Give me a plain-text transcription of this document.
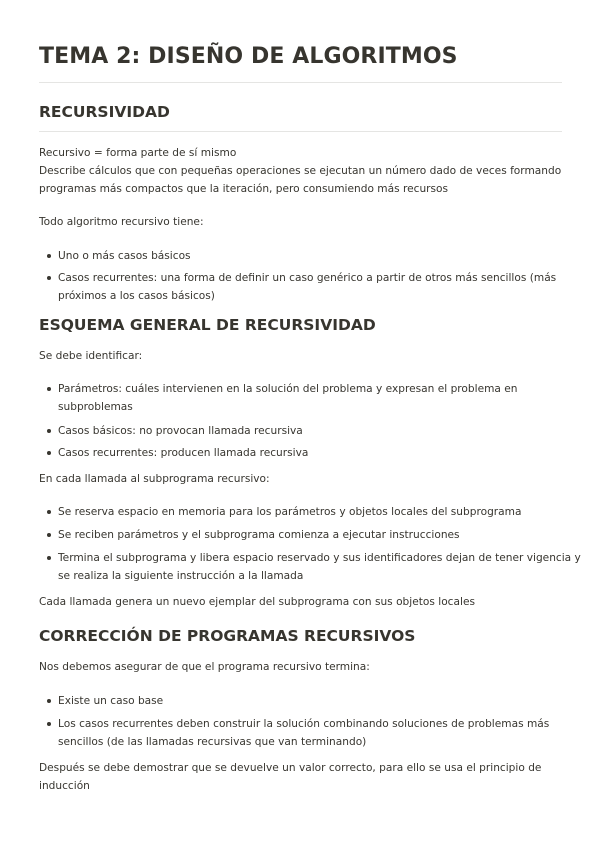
TEMA 2: DISEÑO DE ALGORITMOS
RECURSIVIDAD
Recursivo = forma parte de sí mismo
Describe cálculos que con pequeñas operaciones se ejecutan un número dado de veces formando
programas más compactos que la iteración, pero consumiendo más recursos
Todo algoritmo recursivo tiene:
Uno o más casos básicos
Casos recurrentes: una forma de definir un caso genérico a partir de otros más sencillos (más
próximos a los casos básicos)
ESQUEMA GENERAL DE RECURSIVIDAD
Se debe identificar:
Parámetros: cuáles intervienen en la solución del problema y expresan el problema en
subproblemas
Casos básicos: no provocan llamada recursiva
Casos recurrentes: producen llamada recursiva
En cada llamada al subprograma recursivo:
Se reserva espacio en memoria para los parámetros y objetos locales del subprograma
Se reciben parámetros y el subprograma comienza a ejecutar instrucciones
Termina el subprograma y libera espacio reservado y sus identificadores dejan de tener vigencia y
se realiza la siguiente instrucción a la llamada
Cada llamada genera un nuevo ejemplar del subprograma con sus objetos locales
CORRECCIÓN DE PROGRAMAS RECURSIVOS
Nos debemos asegurar de que el programa recursivo termina:
Existe un caso base
Los casos recurrentes deben construir la solución combinando soluciones de problemas más
sencillos (de las llamadas recursivas que van terminando)
Después se debe demostrar que se devuelve un valor correcto, para ello se usa el principio de
inducción
